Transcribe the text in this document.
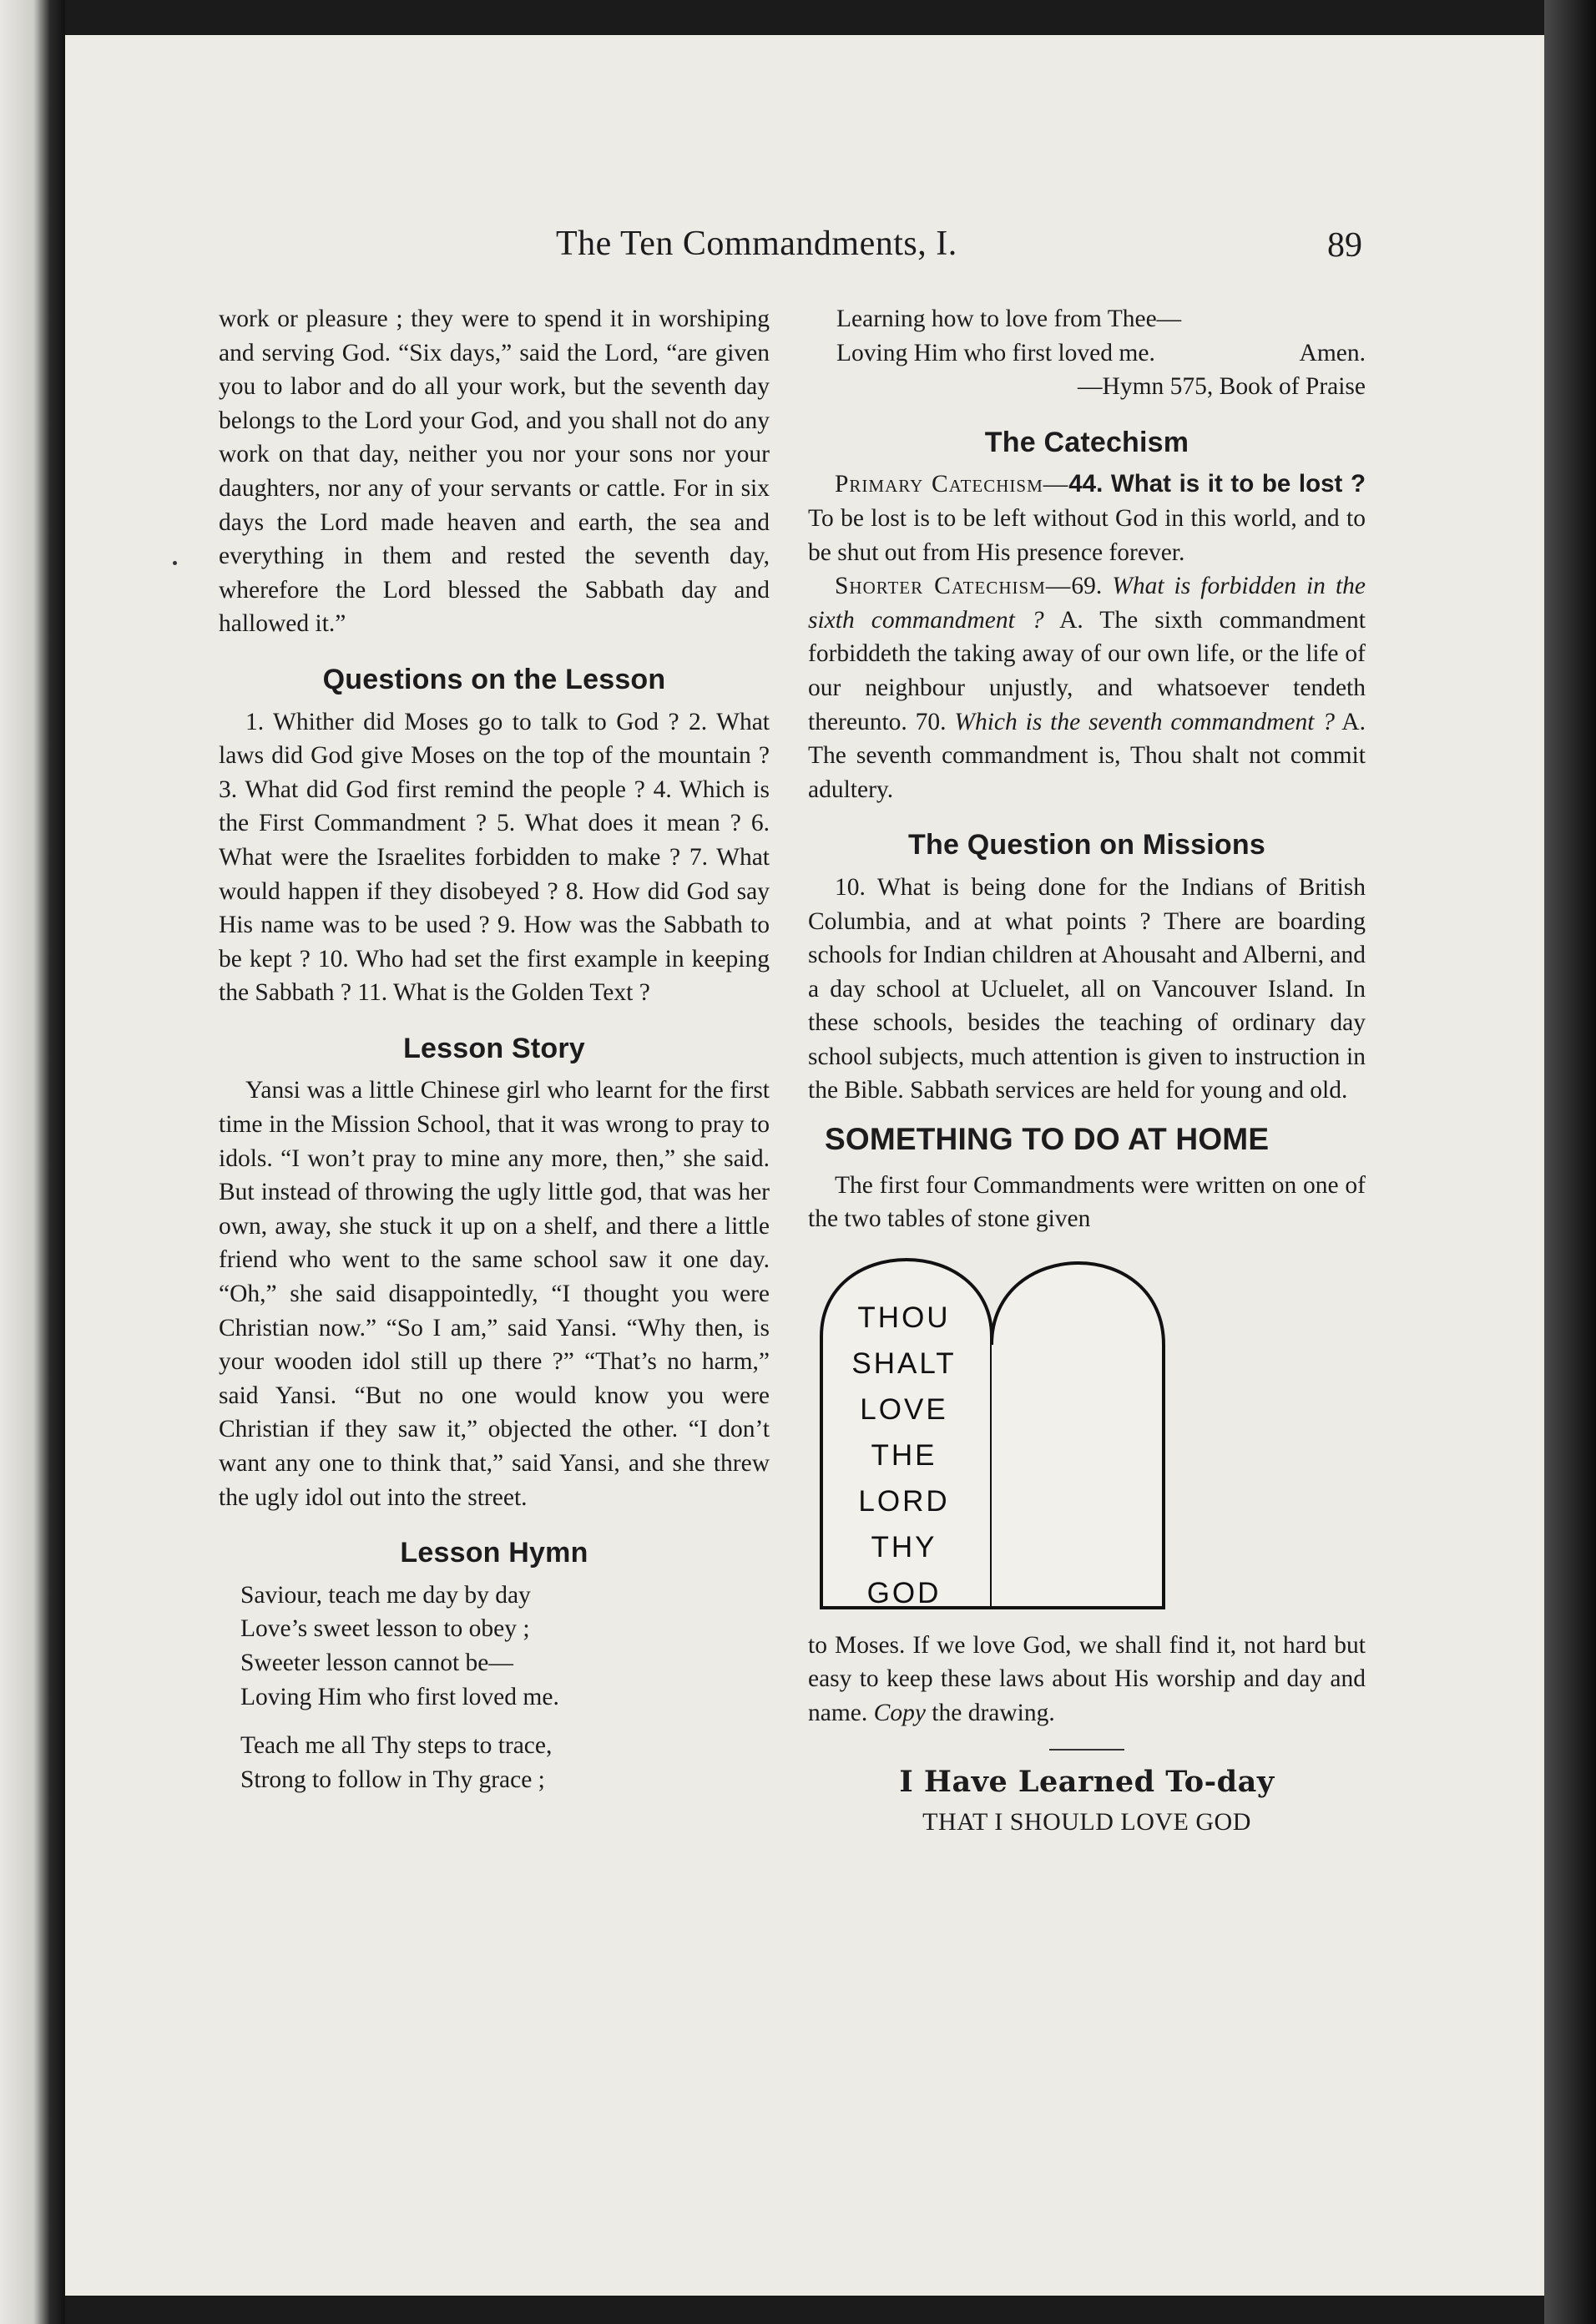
The Ten Commandments, I.	89

work or pleasure ; they were to spend it in worshiping and serving God. “Six days,” said the Lord, “are given you to labor and do all your work, but the seventh day belongs to the Lord your God, and you shall not do any work on that day, neither you nor your sons nor your daughters, nor any of your servants or cattle. For in six days the Lord made heaven and earth, the sea and everything in them and rested the seventh day, wherefore the Lord blessed the Sabbath day and hallowed it.”

Questions on the Lesson

1. Whither did Moses go to talk to God ? 2. What laws did God give Moses on the top of the mountain ? 3. What did God first remind the people ? 4. Which is the First Commandment ? 5. What does it mean ? 6. What were the Israelites forbidden to make ? 7. What would happen if they disobeyed ? 8. How did God say His name was to be used ? 9. How was the Sabbath to be kept ? 10. Who had set the first example in keeping the Sabbath ? 11. What is the Golden Text ?

Lesson Story

Yansi was a little Chinese girl who learnt for the first time in the Mission School, that it was wrong to pray to idols. “I won’t pray to mine any more, then,” she said. But instead of throwing the ugly little god, that was her own, away, she stuck it up on a shelf, and there a little friend who went to the same school saw it one day. “Oh,” she said disappointedly, “I thought you were Christian now.” “So I am,” said Yansi. “Why then, is your wooden idol still up there ?” “That’s no harm,” said Yansi. “But no one would know you were Christian if they saw it,” objected the other. “I don’t want any one to think that,” said Yansi, and she threw the ugly idol out into the street.

Lesson Hymn

Saviour, teach me day by day

Love’s sweet lesson to obey ;

Sweeter lesson cannot be—

Loving Him who first loved me.

Teach me all Thy steps to trace,

Strong to follow in Thy grace ;

Learning how to love from Thee—

Loving Him who first loved me.	Amen.

—Hymn 575, Book of Praise

The Catechism

Primary Catechism—44. What is it to be lost ? To be lost is to be left without God in this world, and to be shut out from His presence forever.

Shorter Catechism—69. What is forbidden in the sixth commandment ? A. The sixth commandment forbiddeth the taking away of our own life, or the life of our neighbour unjustly, and whatsoever tendeth thereunto. 70. Which is the seventh commandment ? A. The seventh commandment is, Thou shalt not commit adultery.

The Question on Missions

10. What is being done for the Indians of British Columbia, and at what points ? There are boarding schools for Indian children at Ahousaht and Alberni, and a day school at Ucluelet, all on Vancouver Island. In these schools, besides the teaching of ordinary day school subjects, much attention is given to instruction in the Bible. Sabbath services are held for young and old.

SOMETHING TO DO AT HOME

The first four Commandments were written on one of the two tables of stone given

THOU
SHALT
LOVE
THE
LORD
THY
GOD

to Moses. If we love God, we shall find it, not hard but easy to keep these laws about His worship and day and name. Copy the drawing.

I Have Learned To-day
THAT I SHOULD LOVE GOD
